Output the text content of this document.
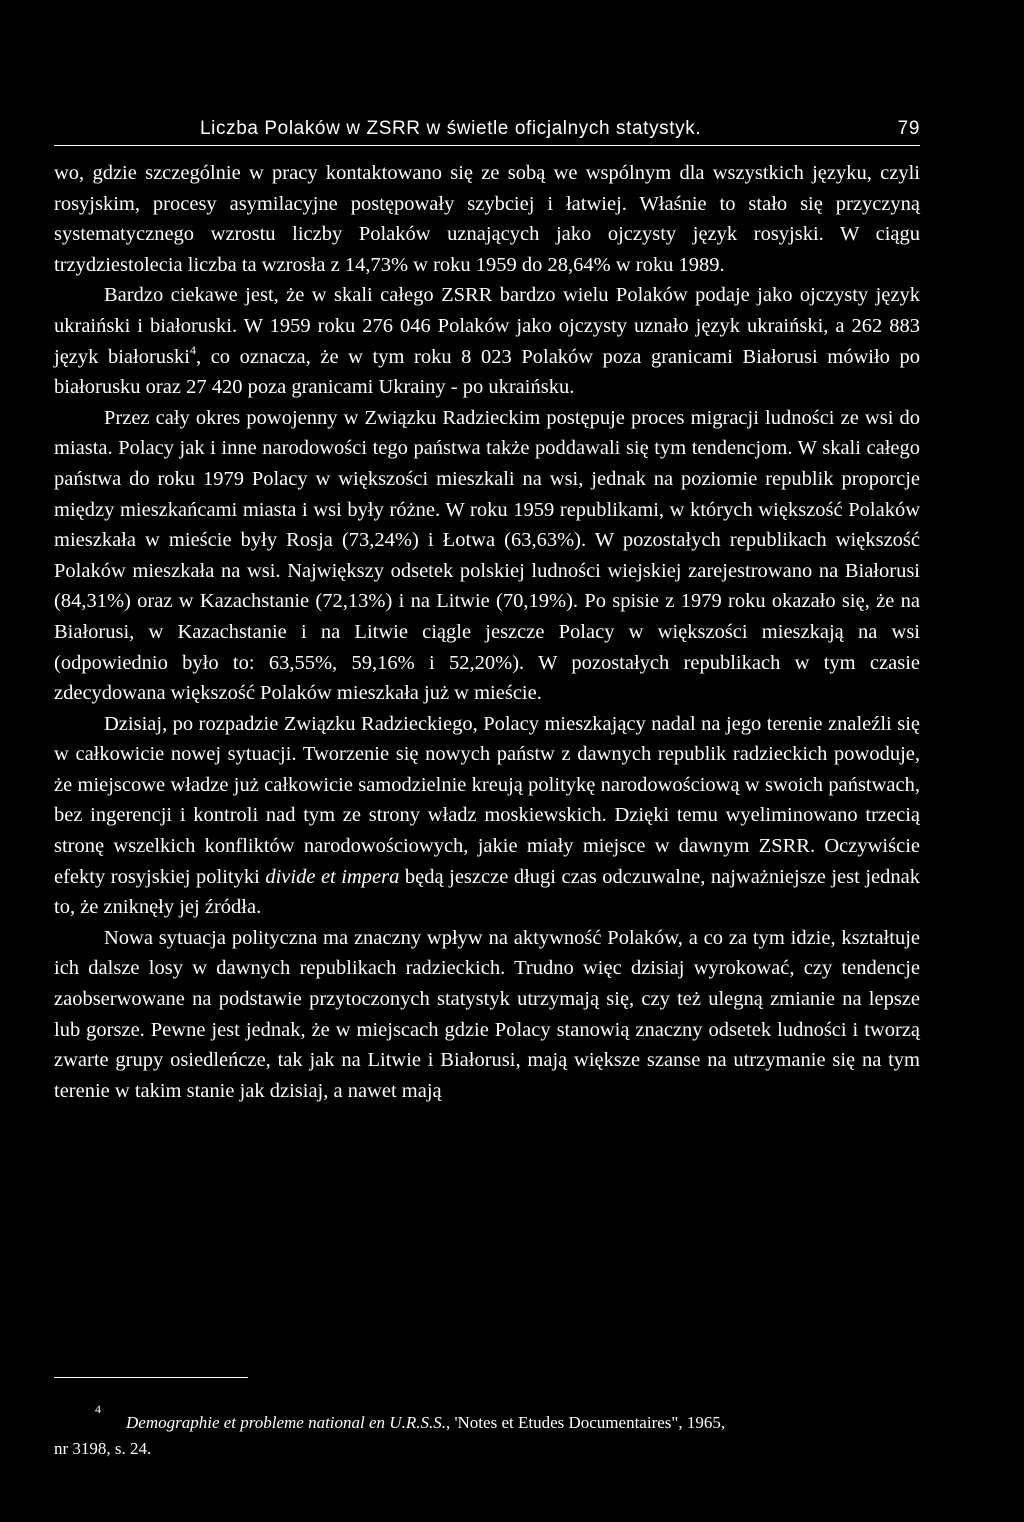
Liczba Polaków w ZSRR w świetle oficjalnych statystyk.	79

wo, gdzie szczególnie w pracy kontaktowano się ze sobą we wspólnym dla wszystkich języku, czyli rosyjskim, procesy asymilacyjne postępowały szybciej i łatwiej. Właśnie to stało się przyczyną systematycznego wzrostu liczby Polaków uznających jako ojczysty język rosyjski. W ciągu trzydziestolecia liczba ta wzrosła z 14,73% w roku 1959 do 28,64% w roku 1989.

Bardzo ciekawe jest, że w skali całego ZSRR bardzo wielu Polaków podaje jako ojczysty język ukraiński i białoruski. W 1959 roku 276 046 Polaków jako ojczysty uznało język ukraiński, a 262 883 język białoruski$^4$, co oznacza, że w tym roku 8 023 Polaków poza granicami Białorusi mówiło po białorusku oraz 27 420 poza granicami Ukrainy - po ukraińsku.

Przez cały okres powojenny w Związku Radzieckim postępuje proces migracji ludności ze wsi do miasta. Polacy jak i inne narodowości tego państwa także poddawali się tym tendencjom. W skali całego państwa do roku 1979 Polacy w większości mieszkali na wsi, jednak na poziomie republik proporcje między mieszkańcami miasta i wsi były różne. W roku 1959 republikami, w których większość Polaków mieszkała w mieście były Rosja (73,24%) i Łotwa (63,63%). W pozostałych republikach większość Polaków mieszkała na wsi. Największy odsetek polskiej ludności wiejskiej zarejestrowano na Białorusi (84,31%) oraz w Kazachstanie (72,13%) i na Litwie (70,19%). Po spisie z 1979 roku okazało się, że na Białorusi, w Kazachstanie i na Litwie ciągle jeszcze Polacy w większości mieszkają na wsi (odpowiednio było to: 63,55%, 59,16% i 52,20%). W pozostałych republikach w tym czasie zdecydowana większość Polaków mieszkała już w mieście.

Dzisiaj, po rozpadzie Związku Radzieckiego, Polacy mieszkający nadal na jego terenie znaleźli się w całkowicie nowej sytuacji. Tworzenie się nowych państw z dawnych republik radzieckich powoduje, że miejscowe władze już całkowicie samodzielnie kreują politykę narodowościową w swoich państwach, bez ingerencji i kontroli nad tym ze strony władz moskiewskich. Dzięki temu wyeliminowano trzecią stronę wszelkich konfliktów narodowościowych, jakie miały miejsce w dawnym ZSRR. Oczywiście efekty rosyjskiej polityki divide et impera będą jeszcze długi czas odczuwalne, najważniejsze jest jednak to, że zniknęły jej źródła.

Nowa sytuacja polityczna ma znaczny wpływ na aktywność Polaków, a co za tym idzie, kształtuje ich dalsze losy w dawnych republikach radzieckich. Trudno więc dzisiaj wyrokować, czy tendencje zaobserwowane na podstawie przytoczonych statystyk utrzymają się, czy też ulegną zmianie na lepsze lub gorsze. Pewne jest jednak, że w miejscach gdzie Polacy stanowią znaczny odsetek ludności i tworzą zwarte grupy osiedleńcze, tak jak na Litwie i Białorusi, mają większe szanse na utrzymanie się na tym terenie w takim stanie jak dzisiaj, a nawet mają

4
Demographie et probleme national en U.R.S.S., 'Notes et Etudes Documentaires", 1965,
nr 3198, s. 24.
